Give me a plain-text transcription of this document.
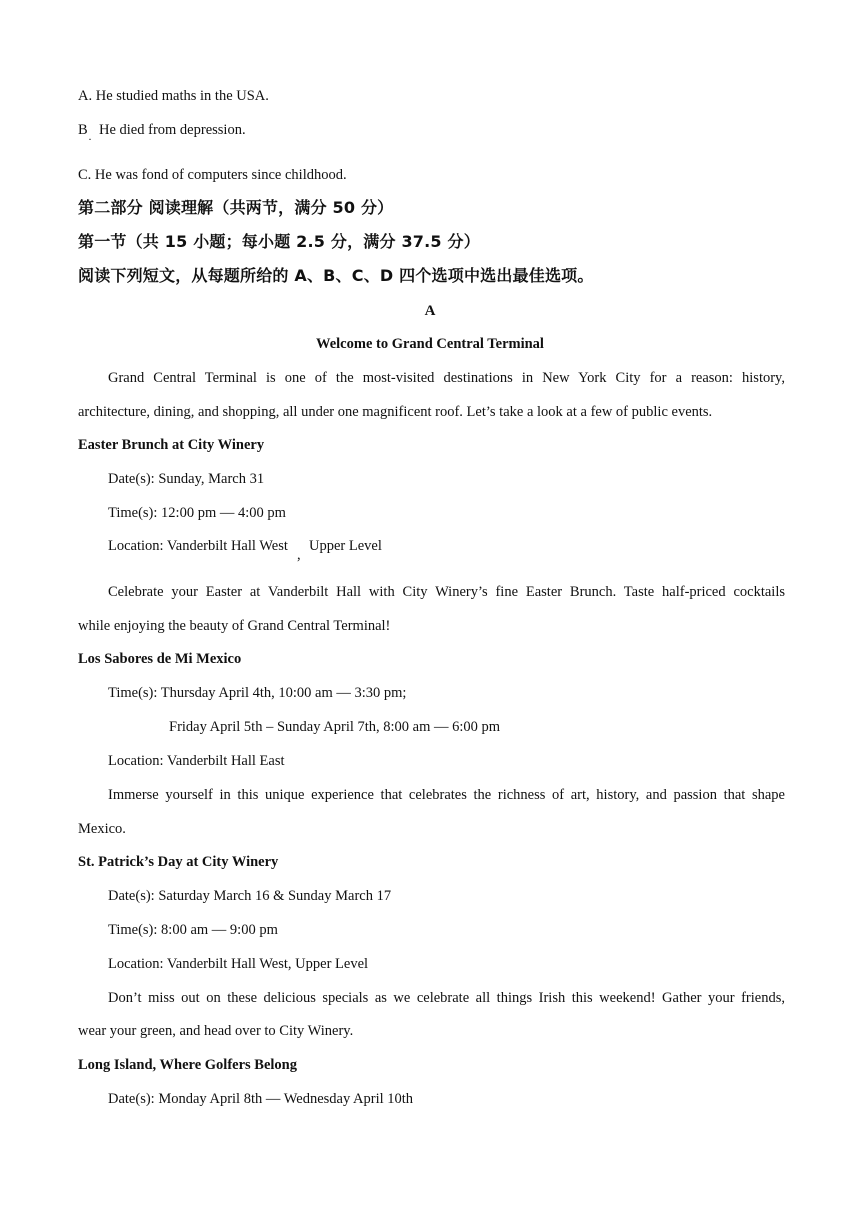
A. He studied maths in the USA.
B
·
He died from depression.
C. He was fond of computers since childhood.
第二部分 阅读理解（共两节，满分 50 分）
第一节（共 15 小题；每小题 2.5 分，满分 37.5 分）
阅读下列短文，从每题所给的 A、B、C、D 四个选项中选出最佳选项。
A
Welcome to Grand Central Terminal
Grand Central Terminal is one of the most-visited destinations in New York City for a reason: history,
architecture, dining, and shopping, all under one magnificent roof. Let’s take a look at a few of public events.
Easter Brunch at City Winery
Date(s): Sunday, March 31
Time(s): 12:00 pm — 4:00 pm
Location: Vanderbilt Hall West
,
Upper Level
Celebrate your Easter at Vanderbilt Hall with City Winery’s fine Easter Brunch. Taste half-priced cocktails
while enjoying the beauty of Grand Central Terminal!
Los Sabores de Mi Mexico
Time(s): Thursday April 4th, 10:00 am — 3:30 pm;
Friday April 5th – Sunday April 7th, 8:00 am — 6:00 pm
Location: Vanderbilt Hall East
Immerse yourself in this unique experience that celebrates the richness of art, history, and passion that shape
Mexico.
St. Patrick’s Day at City Winery
Date(s): Saturday March 16 & Sunday March 17
Time(s): 8:00 am — 9:00 pm
Location: Vanderbilt Hall West, Upper Level
Don’t miss out on these delicious specials as we celebrate all things Irish this weekend! Gather your friends,
wear your green, and head over to City Winery.
Long Island, Where Golfers Belong
Date(s): Monday April 8th — Wednesday April 10th
